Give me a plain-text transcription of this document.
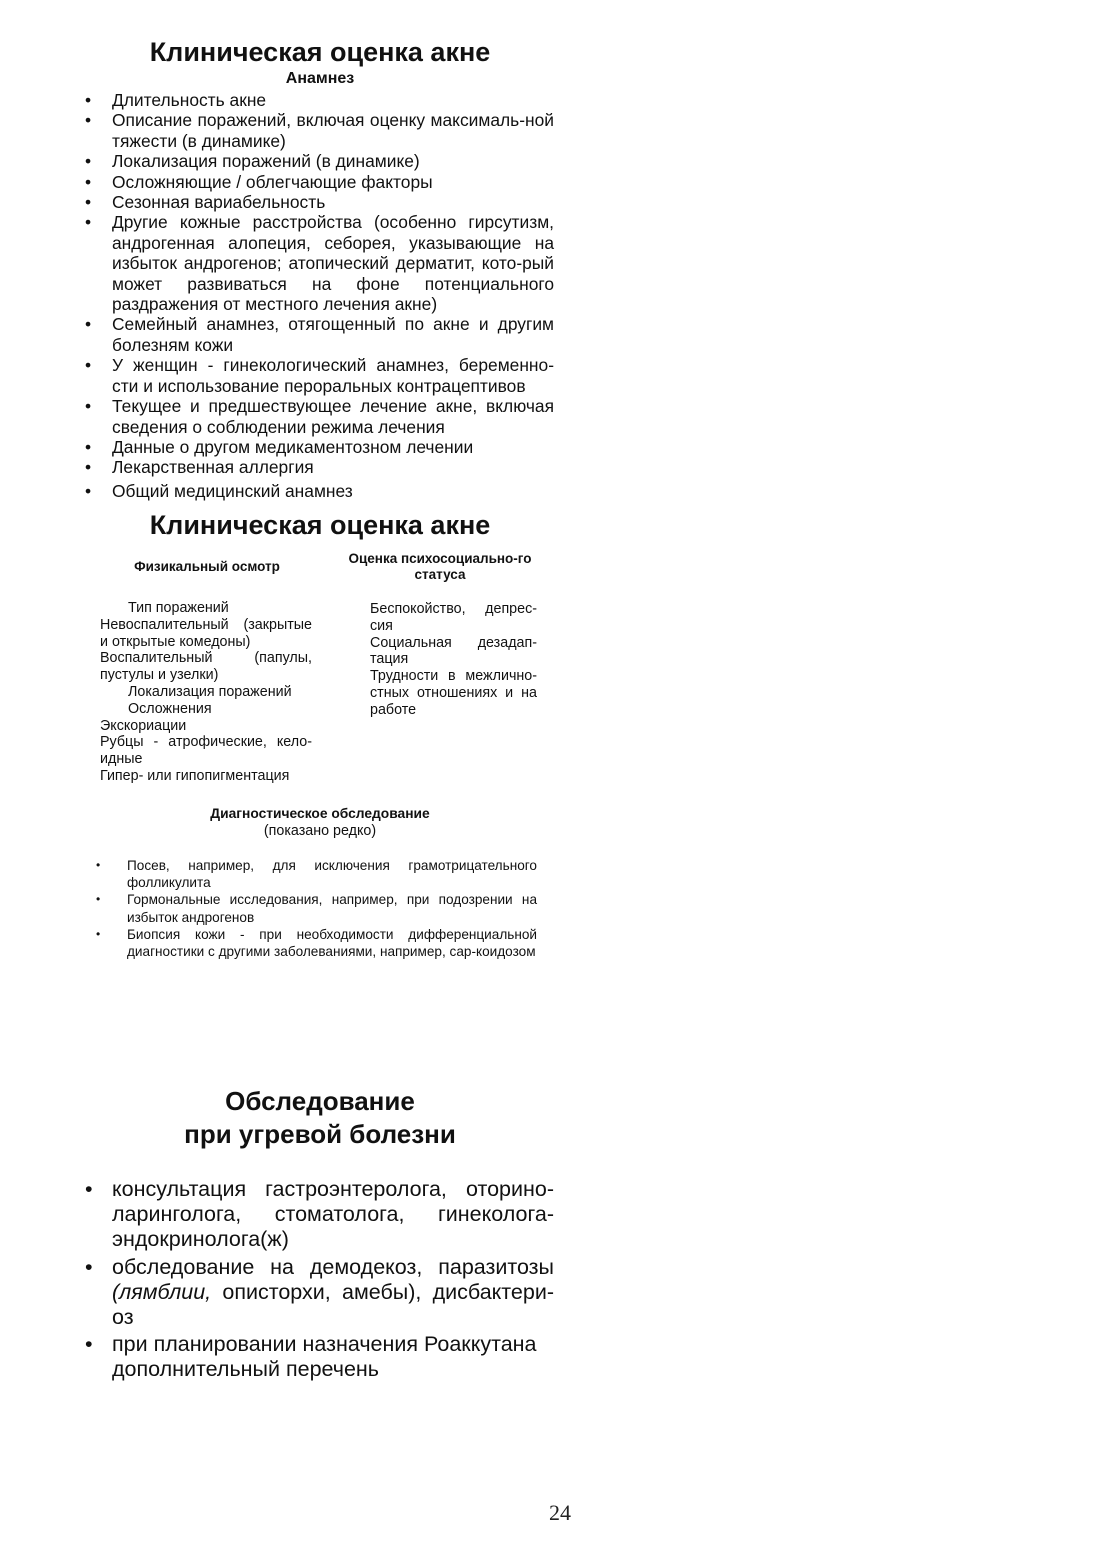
Клиническая оценка акне
Анамнез
• Длительность акне
• Описание поражений, включая оценку максималь-ной тяжести (в динамике)
• Локализация поражений (в динамике)
• Осложняющие / облегчающие факторы
• Сезонная вариабельность
• Другие кожные расстройства (особенно гирсутизм, андрогенная алопеция, себорея, указывающие на избыток андрогенов; атопический дерматит, кото-рый может развиваться на фоне потенциального раздражения от местного лечения акне)
• Семейный анамнез, отягощенный по акне и другим болезням кожи
• У женщин - гинекологический анамнез, беременно-сти и использование пероральных контрацептивов
• Текущее и предшествующее лечение акне, включая сведения о соблюдении режима лечения
• Данные о другом медикаментозном лечении
• Лекарственная аллергия
• Общий медицинский анамнез
Клиническая оценка акне
Физикальный осмотр
Оценка психосоциально-го статуса
Тип поражений
Невоспалительный (закрытые и открытые комедоны)
Воспалительный (папулы, пустулы и узелки)
Локализация поражений
Осложнения
Экскориации
Рубцы - атрофические, кело-идные
Гипер- или гипопигментация
Беспокойство, депрес-сия
Социальная дезадап-тация
Трудности в межлично-стных отношениях и на работе
Диагностическое обследование
(показано редко)
• Посев, например, для исключения грамотрицательного фолликулита
• Гормональные исследования, например, при подозрении на избыток андрогенов
• Биопсия кожи - при необходимости дифференциальной диагностики с другими заболеваниями, например, сар-коидозом
Обследование
при угревой болезни
• консультация гастроэнтеролога, оторино-ларинголога, стоматолога, гинеколога-эндокринолога(ж)
• обследование на демодекоз, паразитозы (лямблии, описторхи, амебы), дисбактери-оз
• при планировании назначения Роаккутана дополнительный перечень
24
